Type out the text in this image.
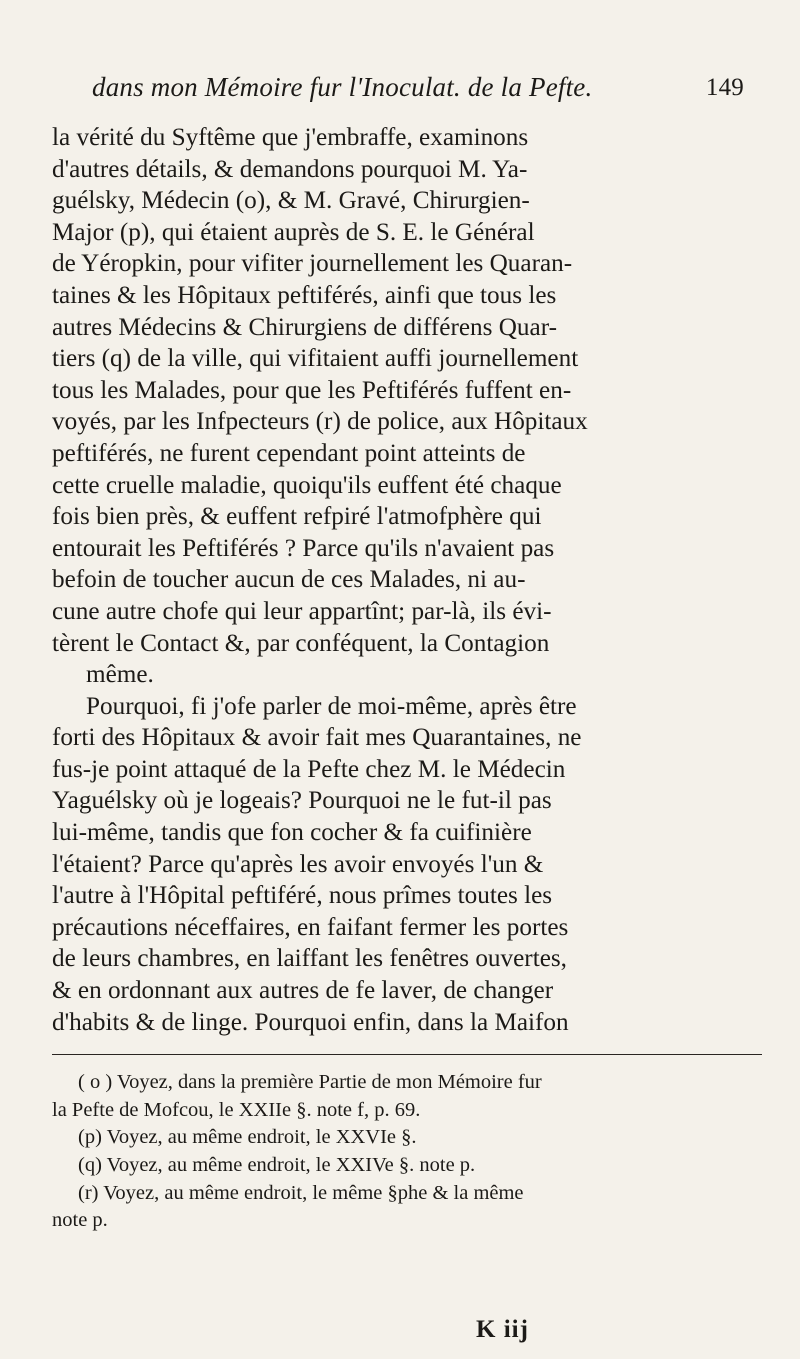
dans mon Mémoire fur l'Inoculat. de la Pefte.	149

la vérité du Syftême que j'embraffe, examinons
d'autres détails, & demandons pourquoi M. Ya-
guélsky, Médecin (o), & M. Gravé, Chirurgien-
Major (p), qui étaient auprès de S. E. le Général
de Yéropkin, pour vifiter journellement les Quaran-
taines & les Hôpitaux peftiférés, ainfi que tous les
autres Médecins & Chirurgiens de différens Quar-
tiers (q) de la ville, qui vifitaient auffi journellement
tous les Malades, pour que les Peftiférés fuffent en-
voyés, par les Infpecteurs (r) de police, aux Hôpitaux
peftiférés, ne furent cependant point atteints de
cette cruelle maladie, quoiqu'ils euffent été chaque
fois bien près, & euffent refpiré l'atmofphère qui
entourait les Peftiférés ? Parce qu'ils n'avaient pas
befoin de toucher aucun de ces Malades, ni au-
cune autre chofe qui leur appartînt; par-là, ils évi-
tèrent le Contact &, par conféquent, la Contagion
même.

Pourquoi, fi j'ofe parler de moi-même, après être
forti des Hôpitaux & avoir fait mes Quarantaines, ne
fus-je point attaqué de la Pefte chez M. le Médecin
Yaguélsky où je logeais? Pourquoi ne le fut-il pas
lui-même, tandis que fon cocher & fa cuifinière
l'étaient? Parce qu'après les avoir envoyés l'un &
l'autre à l'Hôpital peftiféré, nous prîmes toutes les
précautions néceffaires, en faifant fermer les portes
de leurs chambres, en laiffant les fenêtres ouvertes,
& en ordonnant aux autres de fe laver, de changer
d'habits & de linge. Pourquoi enfin, dans la Maifon

( o ) Voyez, dans la première Partie de mon Mémoire fur
la Pefte de Mofcou, le XXIIe §. note f, p. 69.
(p) Voyez, au même endroit, le XXVIe §.
(q) Voyez, au même endroit, le XXIVe §. note p.
(r) Voyez, au même endroit, le même §phe & la même
note p.
K iij
